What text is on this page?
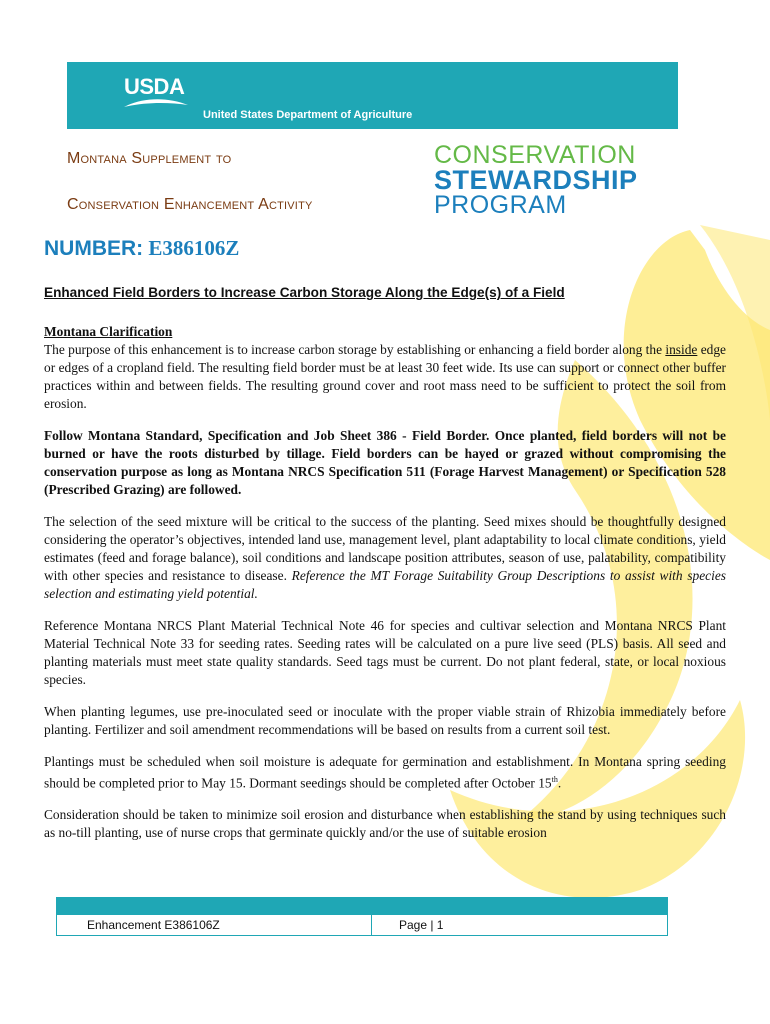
USDA
United States Department of Agriculture
Montana Supplement to
Conservation Enhancement Activity
CONSERVATION
STEWARDSHIP
PROGRAM
NUMBER: E386106Z
Enhanced Field Borders to Increase Carbon Storage Along the Edge(s) of a Field

Montana Clarification
The purpose of this enhancement is to increase carbon storage by establishing or enhancing a field border along the inside edge or edges of a cropland field. The resulting field border must be at least 30 feet wide. Its use can support or connect other buffer practices within and between fields. The resulting ground cover and root mass need to be sufficient to protect the soil from erosion.

Follow Montana Standard, Specification and Job Sheet 386 - Field Border. Once planted, field borders will not be burned or have the roots disturbed by tillage. Field borders can be hayed or grazed without compromising the conservation purpose as long as Montana NRCS Specification 511 (Forage Harvest Management) or Specification 528 (Prescribed Grazing) are followed.

The selection of the seed mixture will be critical to the success of the planting. Seed mixes should be thoughtfully designed considering the operator’s objectives, intended land use, management level, plant adaptability to local climate conditions, yield estimates (feed and forage balance), soil conditions and landscape position attributes, season of use, palatability, compatibility with other species and resistance to disease. Reference the MT Forage Suitability Group Descriptions to assist with species selection and estimating yield potential.

Reference Montana NRCS Plant Material Technical Note 46 for species and cultivar selection and Montana NRCS Plant Material Technical Note 33 for seeding rates. Seeding rates will be calculated on a pure live seed (PLS) basis. All seed and planting materials must meet state quality standards. Seed tags must be current. Do not plant federal, state, or local noxious species.

When planting legumes, use pre-inoculated seed or inoculate with the proper viable strain of Rhizobia immediately before planting. Fertilizer and soil amendment recommendations will be based on results from a current soil test.

Plantings must be scheduled when soil moisture is adequate for germination and establishment. In Montana spring seeding should be completed prior to May 15. Dormant seedings should be completed after October 15th.

Consideration should be taken to minimize soil erosion and disturbance when establishing the stand by using techniques such as no-till planting, use of nurse crops that germinate quickly and/or the use of suitable erosion

Enhancement E386106Z	Page | 1
